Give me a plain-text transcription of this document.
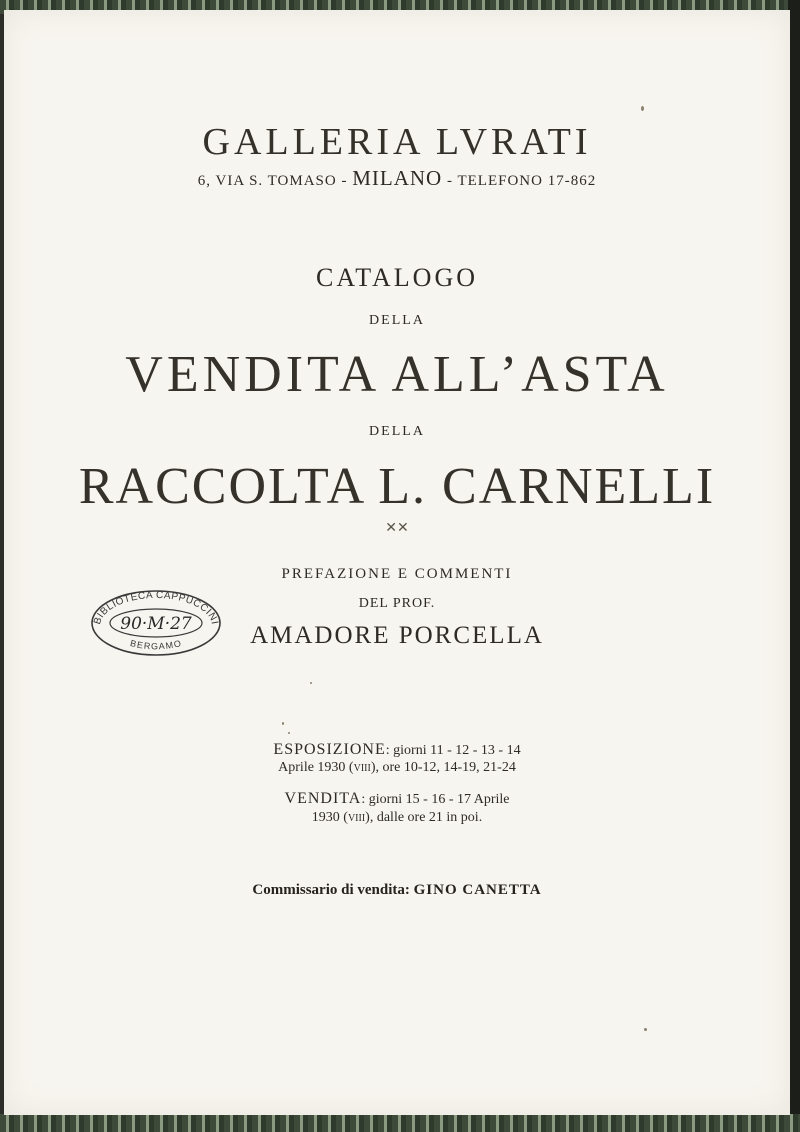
GALLERIA LVRATI
6, VIA S. TOMASO - MILANO - TELEFONO 17-862
CATALOGO
DELLA
VENDITA ALL’ASTA
DELLA
RACCOLTA L. CARNELLI
✕✕
PREFAZIONE E COMMENTI
DEL PROF.
AMADORE PORCELLA
ESPOSIZIONE: giorni 11 - 12 - 13 - 14
Aprile 1930 (VIII), ore 10-12, 14-19, 21-24
VENDITA: giorni 15 - 16 - 17 Aprile
1930 (VIII), dalle ore 21 in poi.
Commissario di vendita: GINO CANETTA
BIBLIOTECA CAPPUCCINI
BERGAMO
90·M·27
